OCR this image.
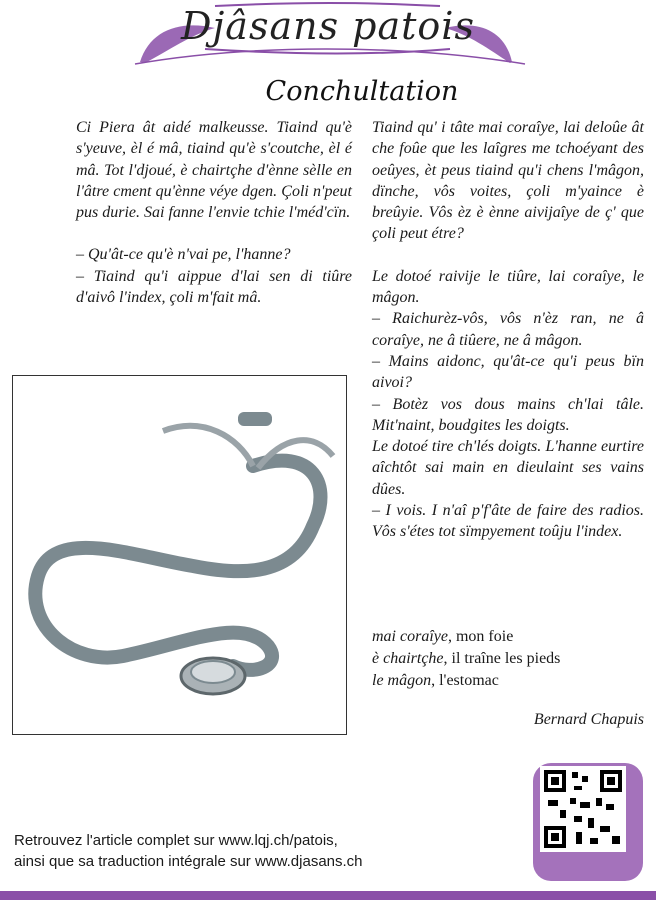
Djâsans patois
Conchultation

Ci Piera ât aidé malkeusse. Tiaind qu'è s'yeuve, èl é mâ, tiaind qu'è s'coutche, èl é mâ. Tot l'djoué, è chairtçhe d'ènne sèlle en l'âtre cment qu'ènne véye dgen. Çoli n'peut pus durie. Sai fanne l'envie tchie l'méd'cïn.

– Qu'ât-ce qu'è n'vai pe, l'hanne?

– Tiaind qu'i aippue d'lai sen di tiûre d'aivô l'index, çoli m'fait mâ.

Tiaind qu' i tâte mai coraîye, lai deloûe ât che foûe que les laîgres me tchoéyant des oeûyes, èt peus tiaind qu'i chens l'mâgon, dïnche, vôs voites, çoli m'yaince è breûyie. Vôs èz è ènne aivijaîye de ç' que çoli peut étre?

Le dotoé raivije le tiûre, lai coraîye, le mâgon.

– Raichurèz-vôs, vôs n'èz ran, ne â coraîye, ne â tiûere, ne â mâgon.

– Mains aidonc, qu'ât-ce qu'i peus bïn aivoi?

– Botèz vos dous mains ch'lai tâle. Mit'naint, boudgites les doigts.

Le dotoé tire ch'lés doigts. L'hanne eurtire aîchtôt sai main en dieulaint ses vains dûes.

– I vois. I n'aî p'f'âte de faire des radios. Vôs s'étes tot sïmpyement toûju l'index.

mai coraîye, mon foie
è chairtçhe, il traîne les pieds
le mâgon, l'estomac
Bernard Chapuis
Retrouvez l'article complet sur www.lqj.ch/patois,
ainsi que sa traduction intégrale sur www.djasans.ch
